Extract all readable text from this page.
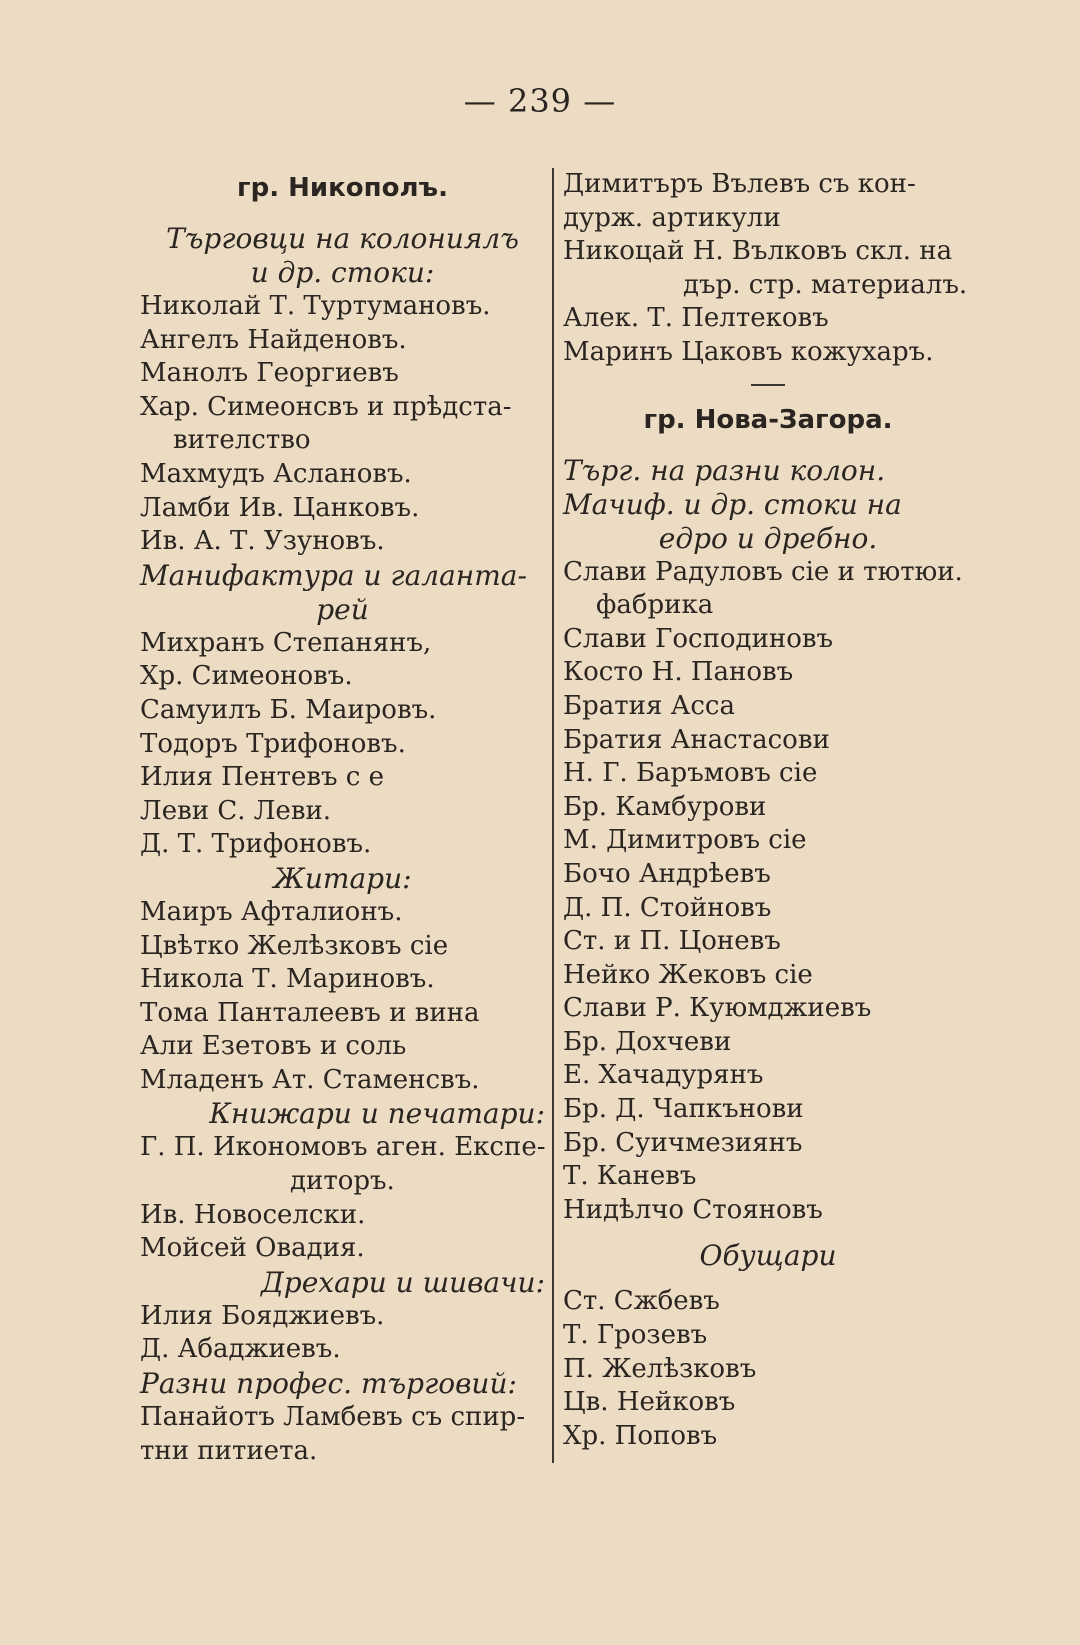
— 239 —
гр. Никополъ.
Търговци на колониялъ
и др. стоки:
Николай Т. Туртумановъ.
Ангелъ Найденовъ.
Манолъ Георгиевъ
Хар. Симеонсвъ и прѣдста-
вителство
Махмудъ Аслановъ.
Ламби Ив. Цанковъ.
Ив. А. Т. Узуновъ.
Манифактура и галантa-
рей
Михранъ Степанянъ,
Хр. Симеоновъ.
Самуилъ Б. Маировъ.
Тодоръ Трифоновъ.
Илия Пентевъ с е
Леви С. Леви.
Д. Т. Трифоновъ.
Житари:
Маиръ Афталионъ.
Цвѣтко Желѣзковъ сіе
Никола Т. Мариновъ.
Тома Панталеевъ и вина
Али Езетовъ и соль
Младенъ Ат. Стаменсвъ.
Книжари и печатари:
Г. П. Икономовъ аген. Експе-
диторъ.
Ив. Новоселски.
Мойсей Овадия.
Дрехари и шивачи:
Илия Бояджиевъ.
Д. Абаджиевъ.
Разни профес. търговий:
Панайотъ Ламбевъ съ спир-
тни питиета.
Димитъръ Вълевъ съ кон-
дурж. артикули
Никоцай Н. Вълковъ скл. на
дър. стр. материалъ.
Алек. Т. Пелтековъ
Маринъ Цаковъ кожухаръ.
гр. Нова-Загора.
Търг. на разни колон.
Мачиф. и др. стоки на
едро и дребно.
Слави Радуловъ сіе и тютюи.
фабрика
Слави Господиновъ
Косто Н. Пановъ
Братия Асса
Братия Анастасови
Н. Г. Баръмовъ сіе
Бр. Камбурови
М. Димитровъ сіе
Бочо Андрѣевъ
Д. П. Стойновъ
Ст. и П. Цоневъ
Нейко Жековъ сіе
Слави Р. Куюмджиевъ
Бр. Дохчеви
Е. Хачадурянъ
Бр. Д. Чапкънови
Бр. Суичмезиянъ
Т. Каневъ
Нидѣлчо Стояновъ
Обущари
Ст. Сжбевъ
Т. Грозевъ
П. Желѣзковъ
Цв. Нейковъ
Хр. Поповъ
